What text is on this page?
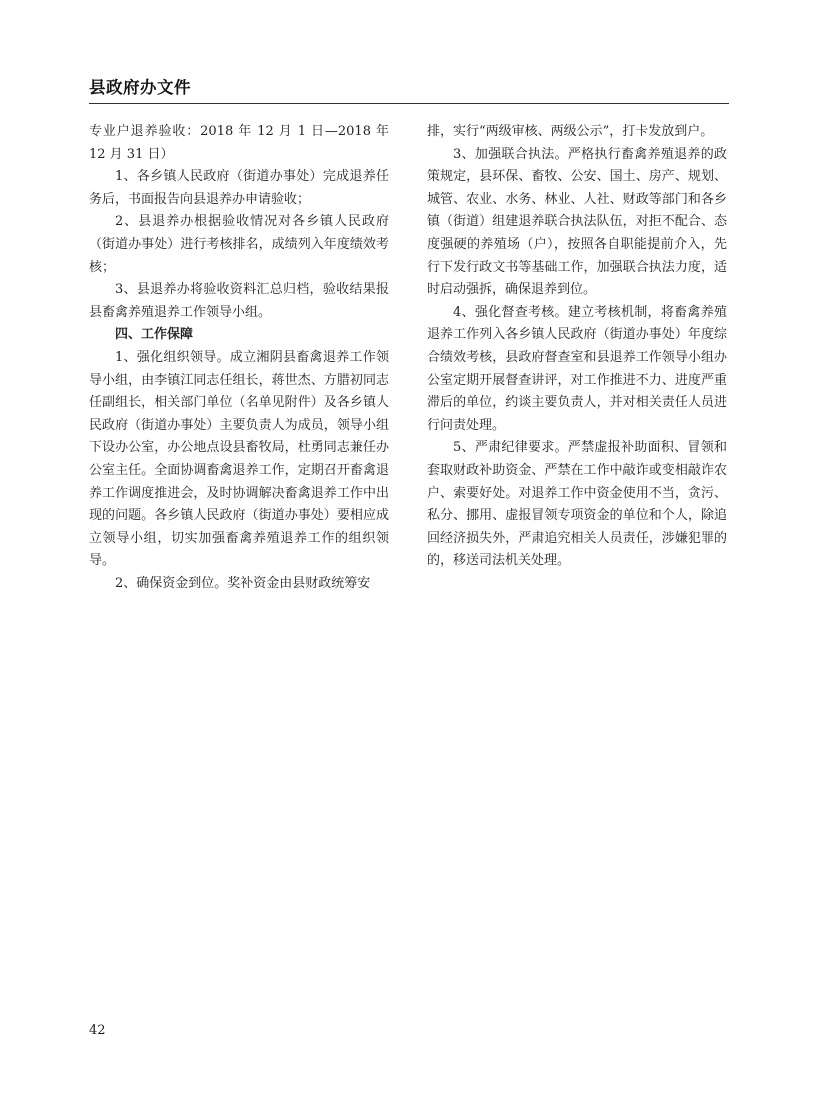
县政府办文件

专业户退养验收：2018 年 12 月 1 日—2018 年 12 月 31 日）

1、各乡镇人民政府（街道办事处）完成退养任务后，书面报告向县退养办申请验收；

2、县退养办根据验收情况对各乡镇人民政府（街道办事处）进行考核排名，成绩列入年度绩效考核；

3、县退养办将验收资料汇总归档，验收结果报县畜禽养殖退养工作领导小组。

四、工作保障

1、强化组织领导。成立湘阴县畜禽退养工作领导小组，由李镇江同志任组长，蒋世杰、方腊初同志任副组长，相关部门单位（名单见附件）及各乡镇人民政府（街道办事处）主要负责人为成员，领导小组下设办公室，办公地点设县畜牧局，杜勇同志兼任办公室主任。全面协调畜禽退养工作，定期召开畜禽退养工作调度推进会，及时协调解决畜禽退养工作中出现的问题。各乡镇人民政府（街道办事处）要相应成立领导小组，切实加强畜禽养殖退养工作的组织领导。

2、确保资金到位。奖补资金由县财政统筹安

排，实行“两级审核、两级公示”，打卡发放到户。

3、加强联合执法。严格执行畜禽养殖退养的政策规定，县环保、畜牧、公安、国土、房产、规划、城管、农业、水务、林业、人社、财政等部门和各乡镇（街道）组建退养联合执法队伍，对拒不配合、态度强硬的养殖场（户），按照各自职能提前介入，先行下发行政文书等基础工作，加强联合执法力度，适时启动强拆，确保退养到位。

4、强化督查考核。建立考核机制，将畜禽养殖退养工作列入各乡镇人民政府（街道办事处）年度综合绩效考核，县政府督查室和县退养工作领导小组办公室定期开展督查讲评，对工作推进不力、进度严重滞后的单位，约谈主要负责人，并对相关责任人员进行问责处理。

5、严肃纪律要求。严禁虚报补助面积、冒领和套取财政补助资金、严禁在工作中敲诈或变相敲诈农户、索要好处。对退养工作中资金使用不当，贪污、私分、挪用、虚报冒领专项资金的单位和个人，除追回经济损失外，严肃追究相关人员责任，涉嫌犯罪的的，移送司法机关处理。

42
